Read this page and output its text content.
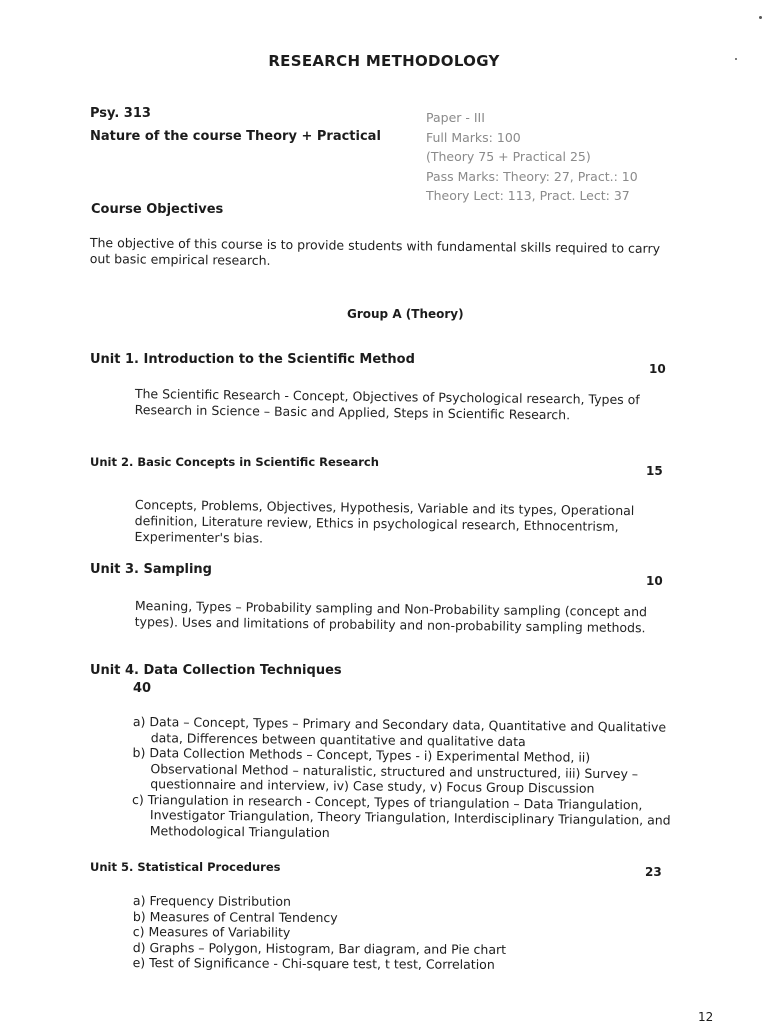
RESEARCH METHODOLOGY
Psy. 313
Nature of the course Theory + Practical
Paper - III
Full Marks: 100
(Theory 75 + Practical 25)
Pass Marks: Theory: 27, Pract.: 10
Theory Lect: 113, Pract. Lect: 37
Course Objectives
The objective of this course is to provide students with fundamental skills required to carry out basic empirical research.
Group A (Theory)
Unit 1. Introduction to the Scientific Method
10
The Scientific Research - Concept, Objectives of Psychological research, Types of Research in Science – Basic and Applied, Steps in Scientific Research.
Unit 2. Basic Concepts in Scientific Research
15
Concepts, Problems, Objectives, Hypothesis, Variable and its types, Operational definition, Literature review, Ethics in psychological research, Ethnocentrism, Experimenter's bias.
Unit 3. Sampling
10
Meaning, Types – Probability sampling and Non-Probability sampling (concept and types). Uses and limitations of probability and non-probability sampling methods.
Unit 4. Data Collection Techniques
40
a) Data – Concept, Types – Primary and Secondary data, Quantitative and Qualitative data, Differences between quantitative and qualitative data
b) Data Collection Methods – Concept, Types - i) Experimental Method, ii) Observational Method – naturalistic, structured and unstructured, iii) Survey – questionnaire and interview, iv) Case study, v) Focus Group Discussion
c) Triangulation in research - Concept, Types of triangulation – Data Triangulation, Investigator Triangulation, Theory Triangulation, Interdisciplinary Triangulation, and Methodological Triangulation
Unit 5. Statistical Procedures	23
a) Frequency Distribution
b) Measures of Central Tendency
c) Measures of Variability
d) Graphs – Polygon, Histogram, Bar diagram, and Pie chart
e) Test of Significance - Chi-square test, t test, Correlation
12
